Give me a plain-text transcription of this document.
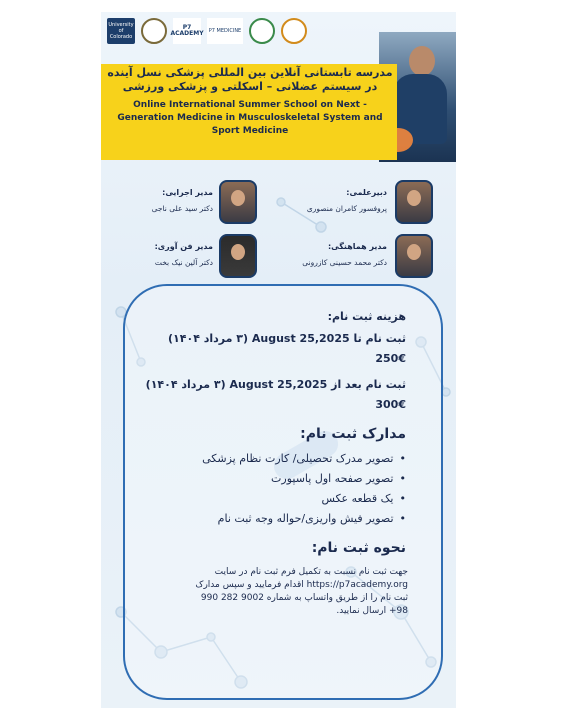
University of Colorado
P7 ACADEMY	P7 MEDICINE
مدرسه تابستانی آنلاین بین المللی پزشکی نسل آینده در سیستم عضلانی – اسکلتی و پزشکی ورزشی
Online International Summer School on Next - Generation Medicine in Musculoskeletal System and Sport Medicine
دبیرعلمی:
پروفسور کامران منصوری
مدیر اجرایی:
دکتر سید علی ناجی
مدیر هماهنگی:
دکتر محمد حسینی کازرونی
مدیر فن آوری:
دکتر آلین نیک بخت
هزینه ثبت نام:
ثبت نام تا August 25,2025 (۳ مرداد ۱۴۰۴)
250€
ثبت نام بعد از August 25,2025 (۳ مرداد ۱۴۰۴)
300€
مدارک ثبت نام:
• تصویر مدرک تحصیلی/ کارت نظام پزشکی
• تصویر صفحه اول پاسپورت
• یک قطعه عکس
• تصویر فیش واریزی/حواله وجه ثبت نام
نحوه ثبت نام:
جهت ثبت نام نسبت به تکمیل فرم ثبت نام در سایت https://p7academy.org اقدام فرمایید و سپس مدارک ثبت نام را از طریق واتساپ به شماره 9002 282 990 98+ ارسال نمایید.
